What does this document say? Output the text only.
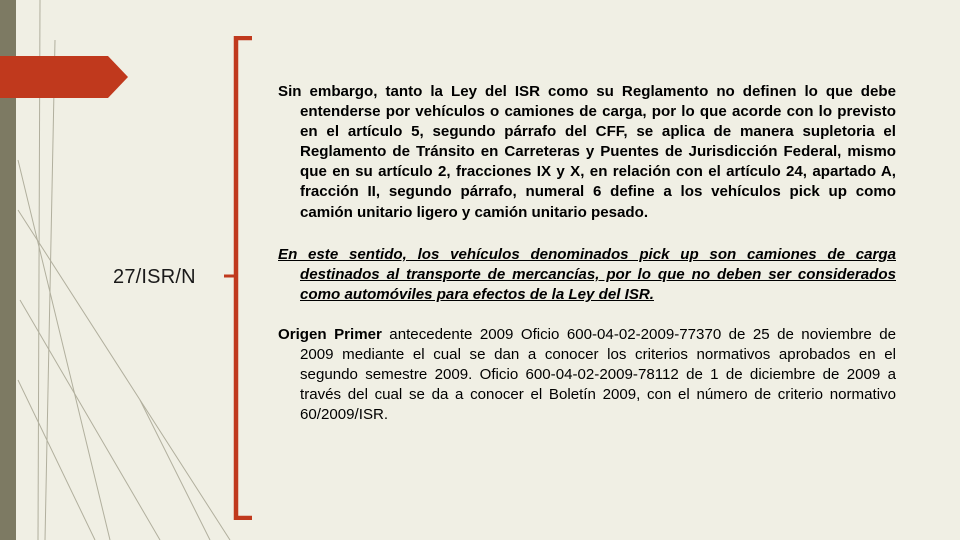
27/ISR/N

Sin embargo, tanto la Ley del ISR como su Reglamento no definen lo que debe entenderse por vehículos o camiones de carga, por lo que acorde con lo previsto en el artículo 5, segundo párrafo del CFF, se aplica de manera supletoria el Reglamento de Tránsito en Carreteras y Puentes de Jurisdicción Federal, mismo que en su artículo 2, fracciones IX y X, en relación con el artículo 24, apartado A, fracción II, segundo párrafo, numeral 6 define a los vehículos pick up como camión unitario ligero y camión unitario pesado.

En este sentido, los vehículos denominados pick up son camiones de carga destinados al transporte de mercancías, por lo que no deben ser considerados como automóviles para efectos de la Ley del ISR.

Origen Primer antecedente 2009 Oficio 600-04-02-2009-77370 de 25 de noviembre de 2009 mediante el cual se dan a conocer los criterios normativos aprobados en el segundo semestre 2009. Oficio 600-04-02-2009-78112 de 1 de diciembre de 2009 a través del cual se da a conocer el Boletín 2009, con el número de criterio normativo 60/2009/ISR.
